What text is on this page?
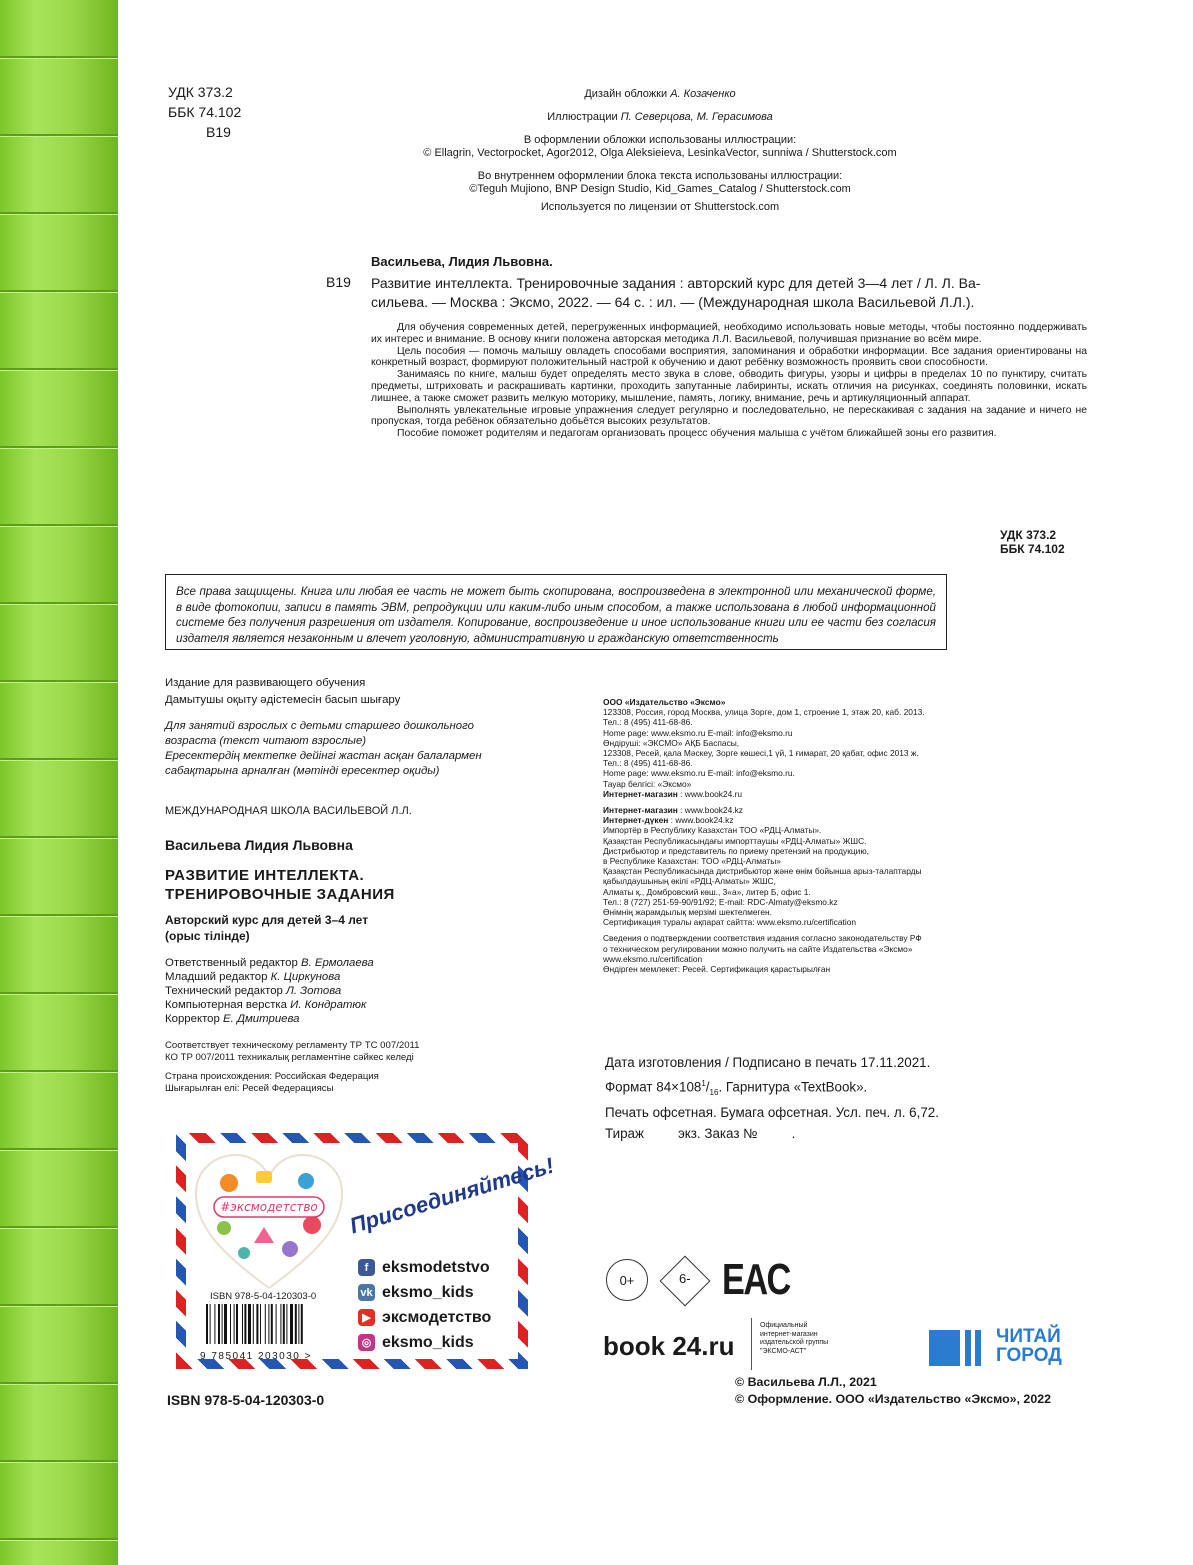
УДК 373.2
ББК 74.102
В19
Дизайн обложки А. Козаченко
Иллюстрации П. Северцова, М. Герасимова
В оформлении обложки использованы иллюстрации:
© Ellagrin, Vectorpocket, Agor2012, Olga Aleksieieva, LesinkaVector, sunniwa / Shutterstock.com
Во внутреннем оформлении блока текста использованы иллюстрации:
©Teguh Mujiono, BNP Design Studio, Kid_Games_Catalog / Shutterstock.com
Используется по лицензии от Shutterstock.com
Васильева, Лидия Львовна.
В19 Развитие интеллекта. Тренировочные задания : авторский курс для детей 3—4 лет / Л. Л. Ва-
сильева. — Москва : Эксмо, 2022. — 64 с. : ил. — (Международная школа Васильевой Л.Л.).

Для обучения современных детей, перегруженных информацией, необходимо использовать новые методы, чтобы постоянно поддерживать их интерес и внимание. В основу книги положена авторская методика Л.Л. Васильевой, получившая признание во всём мире.

Цель пособия — помочь малышу овладеть способами восприятия, запоминания и обработки информации. Все задания ориентированы на конкретный возраст, формируют положительный настрой к обучению и дают ребёнку возможность проявить свои способности.

Занимаясь по книге, малыш будет определять место звука в слове, обводить фигуры, узоры и цифры в пределах 10 по пунктиру, считать предметы, штриховать и раскрашивать картинки, проходить запутанные лабиринты, искать отличия на рисунках, соединять половинки, искать лишнее, а также сможет развить мелкую моторику, мышление, память, логику, внимание, речь и артикуляционный аппарат.

Выполнять увлекательные игровые упражнения следует регулярно и последовательно, не перескакивая с задания на задание и ничего не пропуская, тогда ребёнок обязательно добьётся высоких результатов.

Пособие поможет родителям и педагогам организовать процесс обучения малыша с учётом ближайшей зоны его развития.

УДК 373.2
ББК 74.102
Все права защищены. Книга или любая ее часть не может быть скопирована, воспроизведена в электронной или механической форме, в виде фотокопии, записи в память ЭВМ, репродукции или каким-либо иным способом, а также использована в любой информационной системе без получения разрешения от издателя. Копирование, воспроизведение и иное использование книги или ее части без согласия издателя является незаконным и влечет уголовную, административную и гражданскую ответственность
Издание для развивающего обучения
Дамытушы оқыту әдістемесін басып шығару
Для занятий взрослых с детьми старшего дошкольного
возраста (текст читают взрослые)
Ересектердің мектепке дейінгі жастан асқан балалармен
сабақтарына арналған (мәтінді ересектер оқиды)
МЕЖДУНАРОДНАЯ ШКОЛА ВАСИЛЬЕВОЙ Л.Л.
Васильева Лидия Львовна
РАЗВИТИЕ ИНТЕЛЛЕКТА.
ТРЕНИРОВОЧНЫЕ ЗАДАНИЯ
Авторский курс для детей 3–4 лет
(орыс тілінде)
Ответственный редактор В. Ермолаева
Младший редактор К. Циркунова
Технический редактор Л. Зотова
Компьютерная верстка И. Кондратюк
Корректор Е. Дмитриева
Соответствует техническому регламенту ТР ТС 007/2011
КО ТР 007/2011 техникалық регламентіне сәйкес келеді
Страна происхождения: Российская Федерация
Шығарылған елі: Ресей Федерациясы

ООО «Издательство «Эксмо»

123308, Россия, город Москва, улица Зорге, дом 1, строение 1, этаж 20, каб. 2013.

Тел.: 8 (495) 411-68-86.

Home page: www.eksmo.ru E-mail: info@eksmo.ru

Өндіруші: «ЭКСМО» АҚБ Баспасы,

123308, Ресей, қала Мәскеу, Зорге көшесі,1 үй, 1 ғимарат, 20 қабат, офис 2013 ж.

Тел.: 8 (495) 411-68-86.

Home page: www.eksmo.ru E-mail: info@eksmo.ru.

Тауар белгісі: «Эксмо»

Интернет-магазин : www.book24.ru

Интернет-магазин : www.book24.kz

Интернет-дүкен : www.book24.kz

Импортёр в Республику Казахстан ТОО «РДЦ-Алматы».

Қазақстан Республикасындағы импорттаушы «РДЦ-Алматы» ЖШС.

Дистрибьютор и представитель по приему претензий на продукцию,

в Республике Казахстан: ТОО «РДЦ-Алматы»

Қазақстан Республикасында дистрибьютор және өнім бойынша арыз-талаптарды

қабылдаушының өкілі «РДЦ-Алматы» ЖШС,

Алматы қ., Домбровский көш., 3«а», литер Б, офис 1.

Тел.: 8 (727) 251-59-90/91/92; E-mail: RDC-Almaty@eksmo.kz

Өнімнің жарамдылық мерзімі шектелмеген.

Сертификация туралы ақпарат сайтта: www.eksmo.ru/certification

Сведения о подтверждении соответствия издания согласно законодательству РФ

о техническом регулировании можно получить на сайте Издательства «Эксмо»

www.eksmo.ru/certification

Өндірген мемлекет: Ресей. Сертификация қарастырылған

Дата изготовления / Подписано в печать 17.11.2021.
Формат $84\times 108^1/_{16}$. Гарнитура «TextBook».
Печать офсетная. Бумага офсетная. Усл. печ. л. 6,72.
Тираж	экз. Заказ №	.
#эксмодетство Присоединяйтесь!
ISBN 978-5-04-120303-0
9 785041 203030 >
f eksmodetstvo
vk eksmo_kids
▶ эксмодетство
◎ eksmo_kids
0+	6- EAC
book 24.ru
Официальный
интернет-магазин
издательской группы
"ЭКСМО-АСТ"
ЧИТАЙ
ГОРОД
ISBN 978-5-04-120303-0
© Васильева Л.Л., 2021
© Оформление. ООО «Издательство «Эксмо», 2022
